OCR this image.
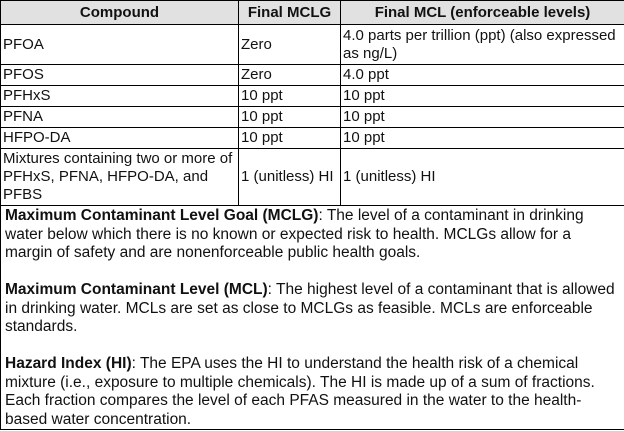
Compound	Final MCLG	Final MCL (enforceable levels)
PFOA	Zero	4.0 parts per trillion (ppt) (also expressed as ng/L)
PFOS	Zero	4.0 ppt
PFHxS	10 ppt	10 ppt
PFNA	10 ppt	10 ppt
HFPO-DA	10 ppt	10 ppt
Mixtures containing two or more of PFHxS, PFNA, HFPO-DA, and PFBS	1 (unitless) HI	1 (unitless) HI

Maximum Contaminant Level Goal (MCLG): The level of a contaminant in drinking water below which there is no known or expected risk to health. MCLGs allow for a margin of safety and are nonenforceable public health goals.

Maximum Contaminant Level (MCL): The highest level of a contaminant that is allowed in drinking water. MCLs are set as close to MCLGs as feasible. MCLs are enforceable standards.

Hazard Index (HI): The EPA uses the HI to understand the health risk of a chemical mixture (i.e., exposure to multiple chemicals). The HI is made up of a sum of fractions. Each fraction compares the level of each PFAS measured in the water to the health-based water concentration.
